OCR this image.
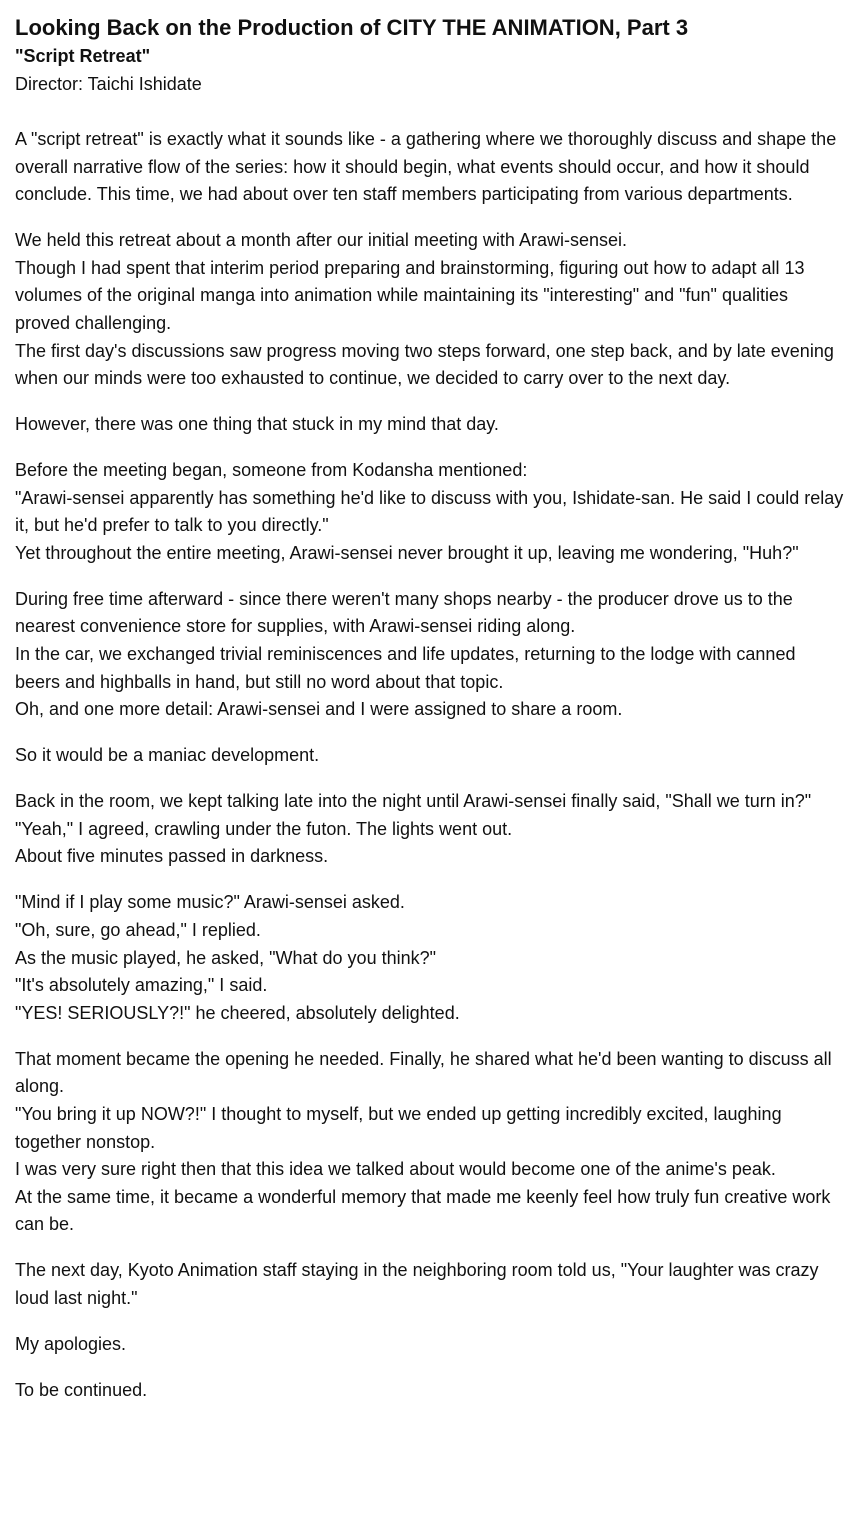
Looking Back on the Production of CITY THE ANIMATION, Part 3
"Script Retreat"
Director: Taichi Ishidate

A "script retreat" is exactly what it sounds like - a gathering where we thoroughly discuss and shape the overall narrative flow of the series: how it should begin, what events should occur, and how it should conclude. This time, we had about over ten staff members participating from various departments.

We held this retreat about a month after our initial meeting with Arawi-sensei.
Though I had spent that interim period preparing and brainstorming, figuring out how to adapt all 13 volumes of the original manga into animation while maintaining its "interesting" and "fun" qualities proved challenging.
The first day's discussions saw progress moving two steps forward, one step back, and by late evening when our minds were too exhausted to continue, we decided to carry over to the next day.

However, there was one thing that stuck in my mind that day.

Before the meeting began, someone from Kodansha mentioned:
"Arawi-sensei apparently has something he'd like to discuss with you, Ishidate-san. He said I could relay it, but he'd prefer to talk to you directly."
Yet throughout the entire meeting, Arawi-sensei never brought it up, leaving me wondering, "Huh?"

During free time afterward - since there weren't many shops nearby - the producer drove us to the nearest convenience store for supplies, with Arawi-sensei riding along.
In the car, we exchanged trivial reminiscences and life updates, returning to the lodge with canned beers and highballs in hand, but still no word about that topic.
Oh, and one more detail: Arawi-sensei and I were assigned to share a room.

So it would be a maniac development.

Back in the room, we kept talking late into the night until Arawi-sensei finally said, "Shall we turn in?"
"Yeah," I agreed, crawling under the futon. The lights went out.
About five minutes passed in darkness.

"Mind if I play some music?" Arawi-sensei asked.
"Oh, sure, go ahead," I replied.
As the music played, he asked, "What do you think?"
"It's absolutely amazing," I said.
"YES! SERIOUSLY?!" he cheered, absolutely delighted.

That moment became the opening he needed. Finally, he shared what he'd been wanting to discuss all along.
"You bring it up NOW?!" I thought to myself, but we ended up getting incredibly excited, laughing together nonstop.
I was very sure right then that this idea we talked about would become one of the anime's peak.
At the same time, it became a wonderful memory that made me keenly feel how truly fun creative work can be.

The next day, Kyoto Animation staff staying in the neighboring room told us, "Your laughter was crazy loud last night."

My apologies.

To be continued.
